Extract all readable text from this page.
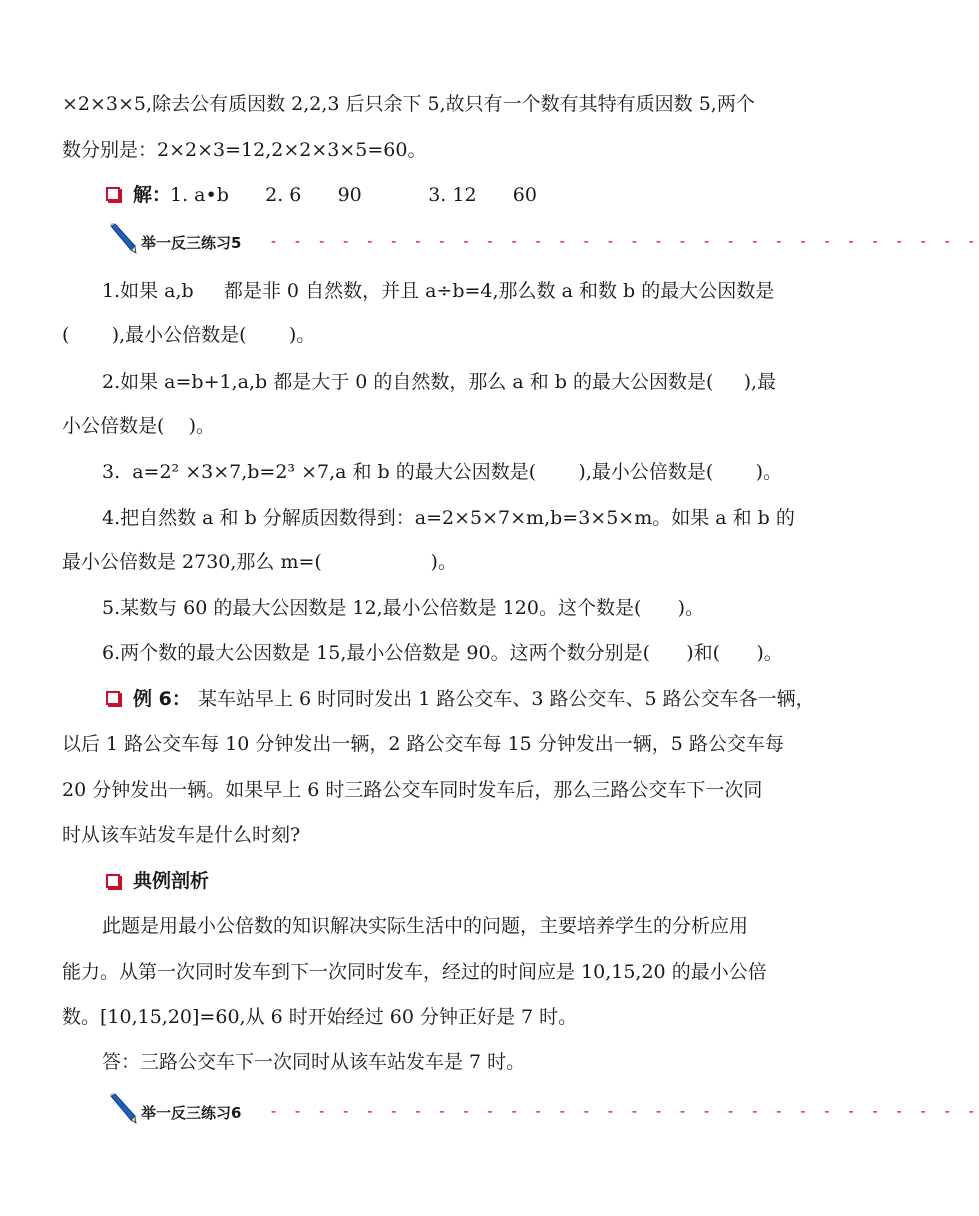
×2×3×5,除去公有质因数 2,2,3 后只余下 5,故只有一个数有其特有质因数 5,两个
数分别是：2×2×3=12,2×2×3×5=60。
解：
1. a•b      2. 6      90           3. 12      60
举一反三练习5 - - - - - - - - - - - - - - - - - - - - - - - - - - - - - -
1.如果 a,b     都是非 0 自然数，并且 a÷b=4,那么数 a 和数 b 的最大公因数是
(       ),最小公倍数是(       )。
2.如果 a=b+1,a,b 都是大于 0 的自然数，那么 a 和 b 的最大公因数是(     ),最
小公倍数是(    )。
3.  a=2² ×3×7,b=2³ ×7,a 和 b 的最大公因数是(       ),最小公倍数是(       )。
4.把自然数 a 和 b 分解质因数得到：a=2×5×7×m,b=3×5×m。如果 a 和 b 的
最小公倍数是 2730,那么 m=(                  )。
5.某数与 60 的最大公因数是 12,最小公倍数是 120。这个数是(      )。
6.两个数的最大公因数是 15,最小公倍数是 90。这两个数分别是(      )和(      )。
例 6： 某车站早上 6 时同时发出 1 路公交车、3 路公交车、5 路公交车各一辆，
以后 1 路公交车每 10 分钟发出一辆，2 路公交车每 15 分钟发出一辆，5 路公交车每
20 分钟发出一辆。如果早上 6 时三路公交车同时发车后，那么三路公交车下一次同
时从该车站发车是什么时刻?
典例剖析
此题是用最小公倍数的知识解决实际生活中的问题，主要培养学生的分析应用
能力。从第一次同时发车到下一次同时发车，经过的时间应是 10,15,20 的最小公倍
数。[10,15,20]=60,从 6 时开始经过 60 分钟正好是 7 时。
答：三路公交车下一次同时从该车站发车是 7 时。
举一反三练习6 - - - - - - - - - - - - - - - - - - - - - - - - - - - - - -
